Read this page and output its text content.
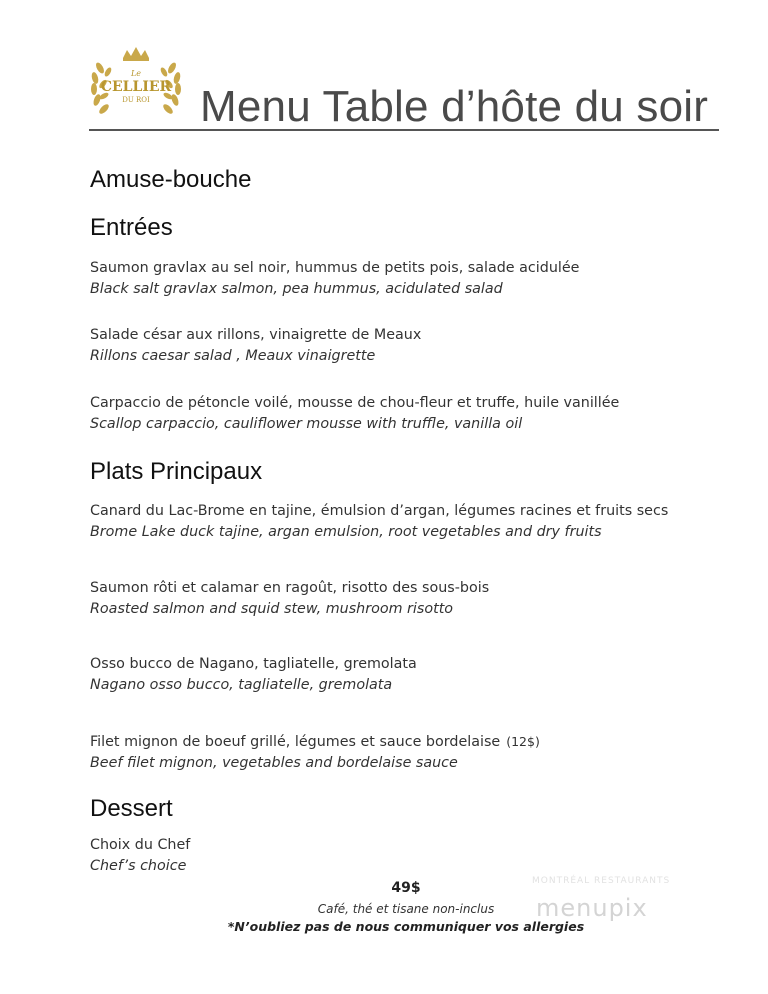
Le
CELLIER
DU ROI Menu Table d’hôte du soir
Amuse-bouche
Entrées
Saumon gravlax au sel noir, hummus de petits pois, salade acidulée
Black salt gravlax salmon, pea hummus, acidulated salad
Salade césar aux rillons, vinaigrette de Meaux
Rillons caesar salad , Meaux vinaigrette
Carpaccio de pétoncle voilé, mousse de chou-fleur et truffe, huile vanillée
Scallop carpaccio, cauliflower mousse with truffle, vanilla oil
Plats Principaux
Canard du Lac-Brome en tajine, émulsion d’argan, légumes racines et fruits secs
Brome Lake duck tajine, argan emulsion, root vegetables and dry fruits
Saumon rôti et calamar en ragoût, risotto des sous-bois
Roasted salmon and squid stew, mushroom risotto
Osso bucco de Nagano, tagliatelle, gremolata
Nagano osso bucco, tagliatelle, gremolata
Filet mignon de boeuf grillé, légumes et sauce bordelaise (12$)
Beef filet mignon, vegetables and bordelaise sauce
Dessert
Choix du Chef
Chef’s choice
49$
Café, thé et tisane non-inclus
*N’oubliez pas de nous communiquer vos allergies
MONTRÉAL RESTAURANTS
menupix
